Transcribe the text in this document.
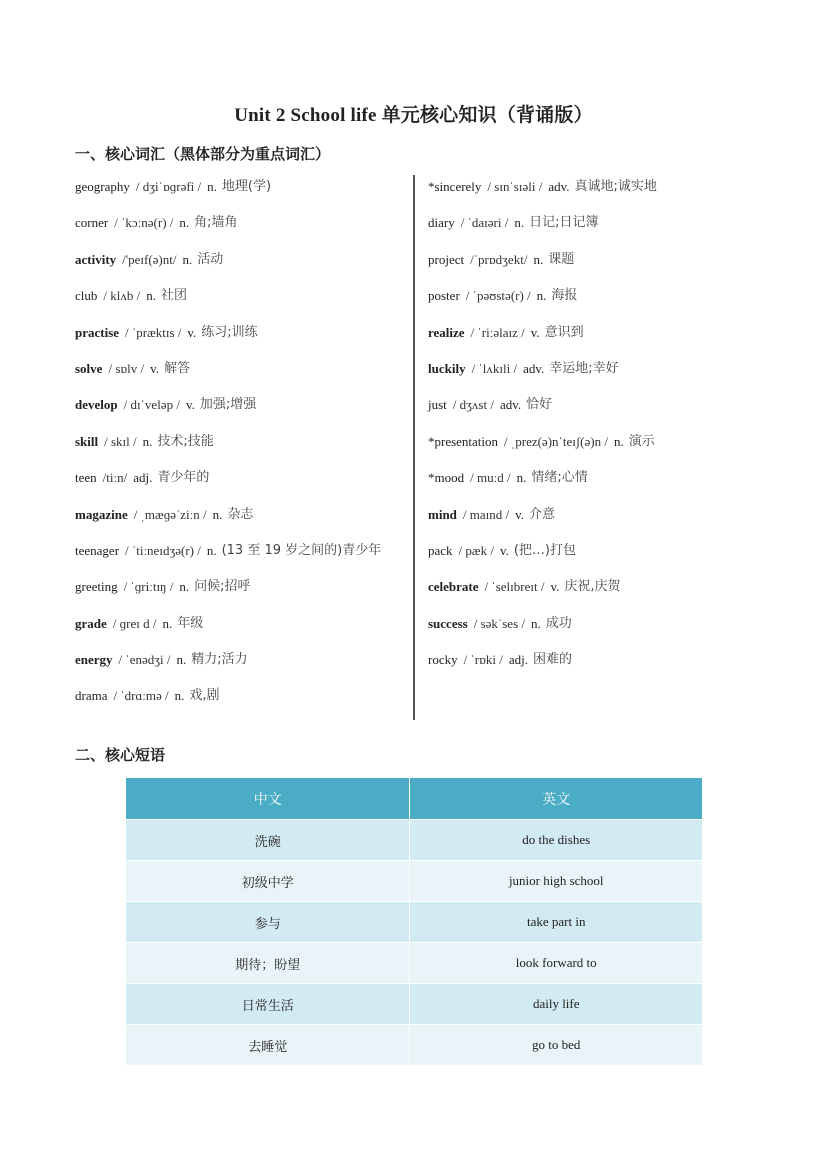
Unit 2 School life 单元核心知识（背诵版）
一、核心词汇（黑体部分为重点词汇）
geography / dʒiˈɒɡrəfi / n. 地理(学)
corner / ˈkɔːnə(r) / n. 角;墙角
activity /'peɪf(ə)nt/ n. 活动
club / klʌb / n. 社团
practise / ˈpræktɪs / v. 练习;训练
solve / sɒlv / v. 解答
develop / dɪˈveləp / v. 加强;增强
skill / skɪl / n. 技术;技能
teen /tiːn/ adj. 青少年的
magazine / ˌmæɡəˈziːn / n. 杂志
teenager / ˈtiːneɪdʒə(r) / n. (13 至 19 岁之间的)青少年
greeting / ˈɡriːtɪŋ / n. 问候;招呼
grade / ɡreɪ d / n. 年级
energy / ˈenədʒi / n. 精力;活力
drama / ˈdrɑːmə / n. 戏,剧
*sincerely / sɪnˈsɪəli / adv. 真诚地;诚实地
diary / ˈdaɪəri / n. 日记;日记簿
project /ˈprɒdʒekt/ n. 课题
poster / ˈpəʊstə(r) / n. 海报
realize / ˈriːəlaɪz / v. 意识到
luckily / ˈlʌkɪli / adv. 幸运地;幸好
just / dʒʌst / adv. 恰好
*presentation / ˌprez(ə)nˈteɪʃ(ə)n / n. 演示
*mood / muːd / n. 情绪;心情
mind / maɪnd / v. 介意
pack / pæk / v. (把…)打包
celebrate / ˈselɪbreɪt / v. 庆祝,庆贺
success / səkˈses / n. 成功
rocky / ˈrɒki / adj. 困难的
二、核心短语
中文	英文
洗碗	do the dishes
初级中学	junior high school
参与	take part in
期待；盼望	look forward to
日常生活	daily life
去睡觉	go to bed
